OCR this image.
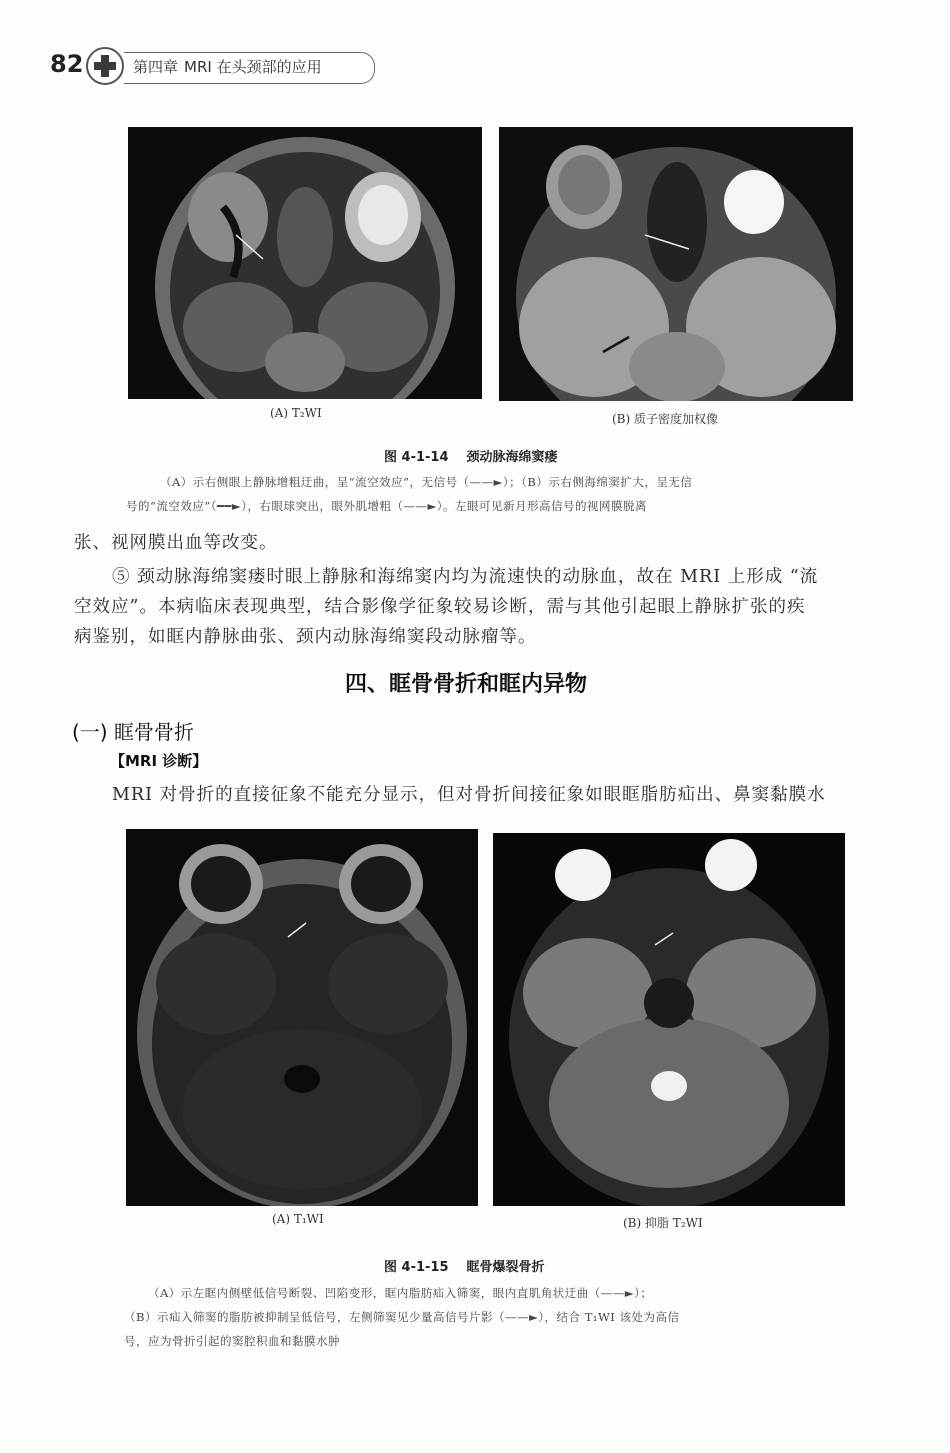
82	第四章 MRI 在头颈部的应用
(A) T₂WI	(B) 质子密度加权像
图 4-1-14 颈动脉海绵窦瘘
（A）示右侧眼上静脉增粗迂曲，呈“流空效应”，无信号（——►）；（B）示右侧海绵窦扩大，呈无信
号的“流空效应”（━━►），右眼球突出，眼外肌增粗（——►）。左眼可见新月形高信号的视网膜脱离
张、视网膜出血等改变。
⑤ 颈动脉海绵窦瘘时眼上静脉和海绵窦内均为流速快的动脉血，故在 MRI 上形成 “流
空效应”。本病临床表现典型，结合影像学征象较易诊断，需与其他引起眼上静脉扩张的疾
病鉴别，如眶内静脉曲张、颈内动脉海绵窦段动脉瘤等。
四、眶骨骨折和眶内异物
(一) 眶骨骨折
【MRI 诊断】
MRI 对骨折的直接征象不能充分显示，但对骨折间接征象如眼眶脂肪疝出、鼻窦黏膜水
(A) T₁WI	(B) 抑脂 T₂WI
图 4-1-15 眶骨爆裂骨折
（A）示左眶内侧壁低信号断裂、凹陷变形，眶内脂肪疝入筛窦，眼内直肌角状迂曲（——►）；
（B）示疝入筛窦的脂肪被抑制呈低信号，左侧筛窦见少量高信号片影（——►），结合 T₁WI 该处为高信
号，应为骨折引起的窦腔积血和黏膜水肿
